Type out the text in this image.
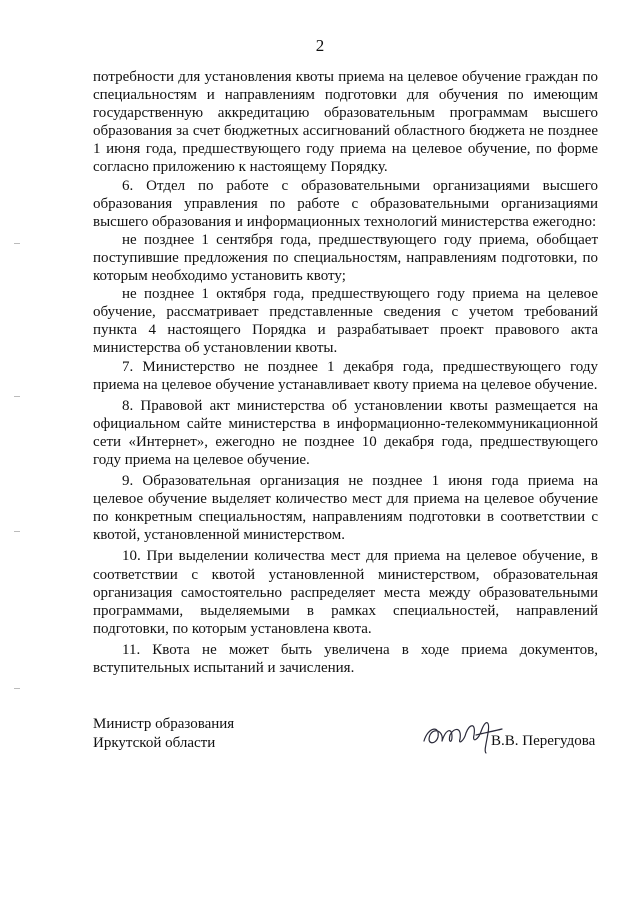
2

потребности для установления квоты приема на целевое обучение граждан по специальностям и направлениям подготовки для обучения по имеющим государственную аккредитацию образовательным программам высшего образования за счет бюджетных ассигнований областного бюджета не позднее 1 июня года, предшествующего году приема на целевое обучение, по форме согласно приложению к настоящему Порядку.

6. Отдел по работе с образовательными организациями высшего образования управления по работе с образовательными организациями высшего образования и информационных технологий министерства ежегодно:

не позднее 1 сентября года, предшествующего году приема, обобщает поступившие предложения по специальностям, направлениям подготовки, по которым необходимо установить квоту;

не позднее 1 октября года, предшествующего году приема на целевое обучение, рассматривает представленные сведения с учетом требований пункта 4 настоящего Порядка и разрабатывает проект правового акта министерства об установлении квоты.

7. Министерство не позднее 1 декабря года, предшествующего году приема на целевое обучение устанавливает квоту приема на целевое обучение.

8. Правовой акт министерства об установлении квоты размещается на официальном сайте министерства в информационно-телекоммуникационной сети «Интернет», ежегодно не позднее 10 декабря года, предшествующего году приема на целевое обучение.

9. Образовательная организация не позднее 1 июня года приема на целевое обучение выделяет количество мест для приема на целевое обучение по конкретным специальностям, направлениям подготовки в соответствии с квотой, установленной министерством.

10. При выделении количества мест для приема на целевое обучение, в соответствии с квотой установленной министерством, образовательная организация самостоятельно распределяет места между образовательными программами, выделяемыми в рамках специальностей, направлений подготовки, по которым установлена квота.

11. Квота не может быть увеличена в ходе приема документов, вступительных испытаний и зачисления.

Министр образования
Иркутской области	В.В. Перегудова
